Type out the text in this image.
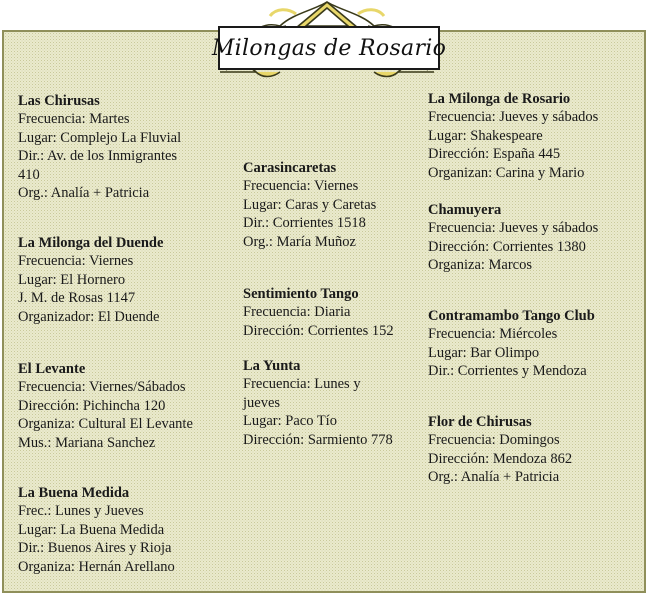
Milongas de Rosario
Las Chirusas
Frecuencia: Martes
Lugar: Complejo La Fluvial
Dir.: Av. de los Inmigrantes
410
Org.: Analía + Patricia
La Milonga del Duende
Frecuencia: Viernes
Lugar: El Hornero
J. M. de Rosas 1147
Organizador: El Duende
El Levante
Frecuencia: Viernes/Sábados
Dirección: Pichincha 120
Organiza: Cultural El Levante
Mus.: Mariana Sanchez
La Buena Medida
Frec.: Lunes y Jueves
Lugar: La Buena Medida
Dir.: Buenos Aires y Rioja
Organiza: Hernán Arellano
Carasincaretas
Frecuencia: Viernes
Lugar: Caras y Caretas
Dir.: Corrientes 1518
Org.: María Muñoz
Sentimiento Tango
Frecuencia: Diaria
Dirección: Corrientes 152
La Yunta
Frecuencia: Lunes y
jueves
Lugar: Paco Tío
Dirección: Sarmiento 778
La Milonga de Rosario
Frecuencia: Jueves y sábados
Lugar: Shakespeare
Dirección: España 445
Organizan: Carina y Mario
Chamuyera
Frecuencia: Jueves y sábados
Dirección: Corrientes 1380
Organiza: Marcos
Contramambo Tango Club
Frecuencia: Miércoles
Lugar: Bar Olimpo
Dir.: Corrientes y Mendoza
Flor de Chirusas
Frecuencia: Domingos
Dirección: Mendoza 862
Org.: Analía + Patricia
